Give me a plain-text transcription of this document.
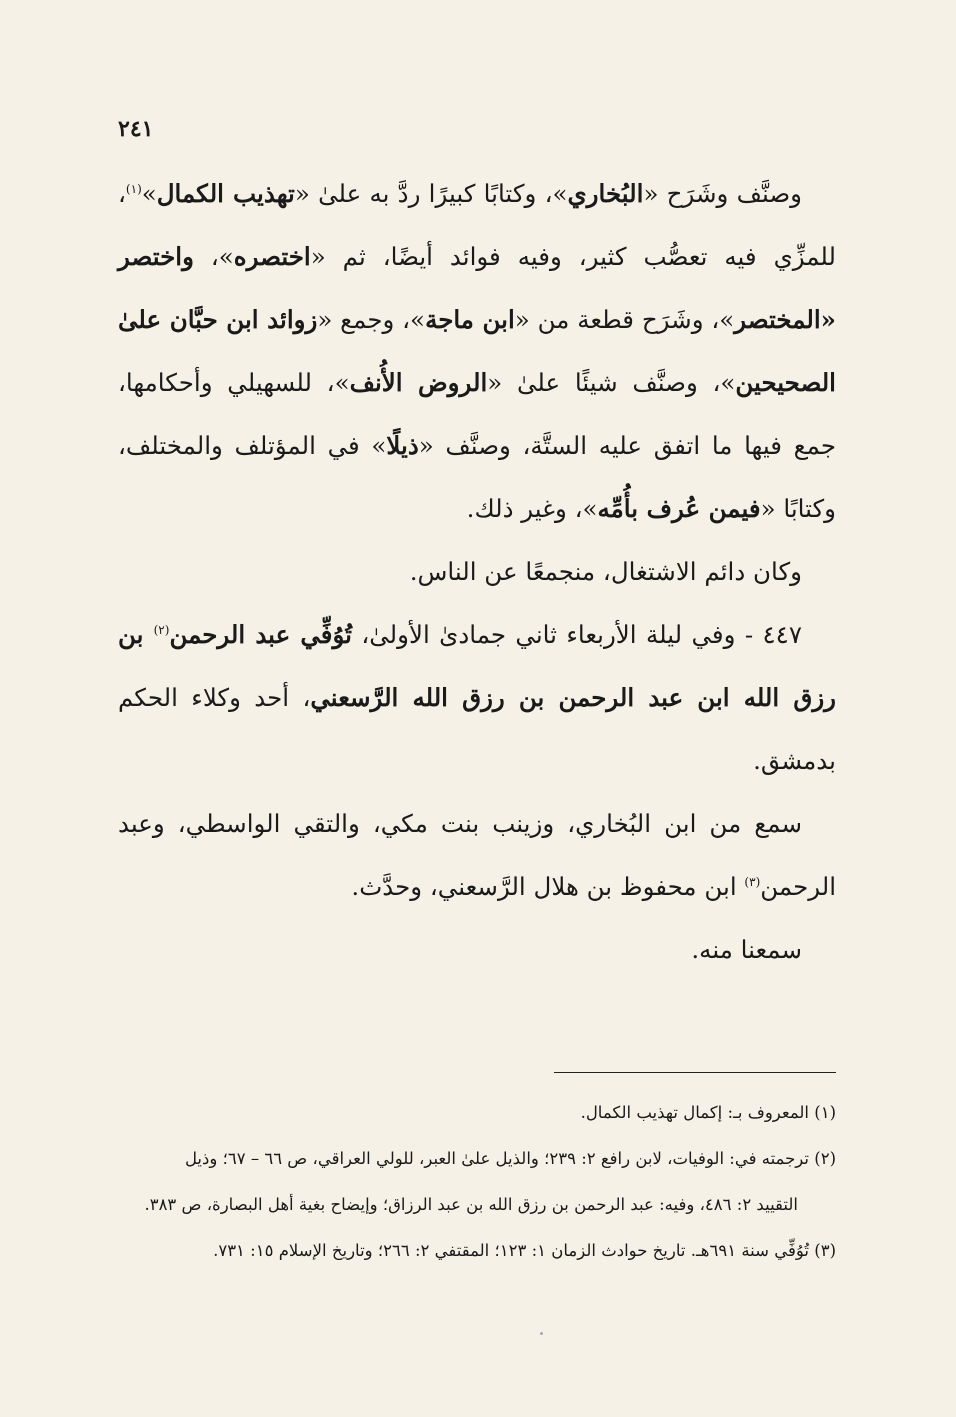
٢٤١

وصنَّف وشَرَح «البُخاري»، وكتابًا كبيرًا ردَّ به علىٰ «تهذيب الكمال»$^{(١)}$، للمزِّي فيه تعصُّب كثير، وفيه فوائد أيضًا، ثم «اختصره»، واختصر «المختصر»، وشَرَح قطعة من «ابن ماجة»، وجمع «زوائد ابن حبَّان علىٰ الصحيحين»، وصنَّف شيئًا علىٰ «الروض الأُنف»، للسهيلي وأحكامها، جمع فيها ما اتفق عليه الستَّة، وصنَّف «ذيلًا» في المؤتلف والمختلف، وكتابًا «فيمن عُرف بأُمِّه»، وغير ذلك.

وكان دائم الاشتغال، منجمعًا عن الناس.

٤٤٧ - وفي ليلة الأربعاء ثاني جمادىٰ الأولىٰ، تُوُفِّي عبد الرحمن$^{(٢)}$ بن رزق الله ابن عبد الرحمن بن رزق الله الرَّسعني، أحد وكلاء الحكم بدمشق.

سمع من ابن البُخاري، وزينب بنت مكي، والتقي الواسطي، وعبد الرحمن$^{(٣)}$ ابن محفوظ بن هلال الرَّسعني، وحدَّث.

سمعنا منه.

(١) المعروف بـ: إكمال تهذيب الكمال.

(٢) ترجمته في: الوفيات، لابن رافع ٢: ٢٣٩؛ والذيل علىٰ العبر، للولي العراقي، ص ٦٦ – ٦٧؛ وذيل

التقييد ٢: ٤٨٦، وفيه: عبد الرحمن بن رزق الله بن عبد الرزاق؛ وإيضاح بغية أهل البصارة، ص ٣٨٣.

(٣) تُوُفِّي سنة ٦٩١هـ. تاريخ حوادث الزمان ١: ١٢٣؛ المقتفي ٢: ٢٦٦؛ وتاريخ الإسلام ١٥: ٧٣١.
